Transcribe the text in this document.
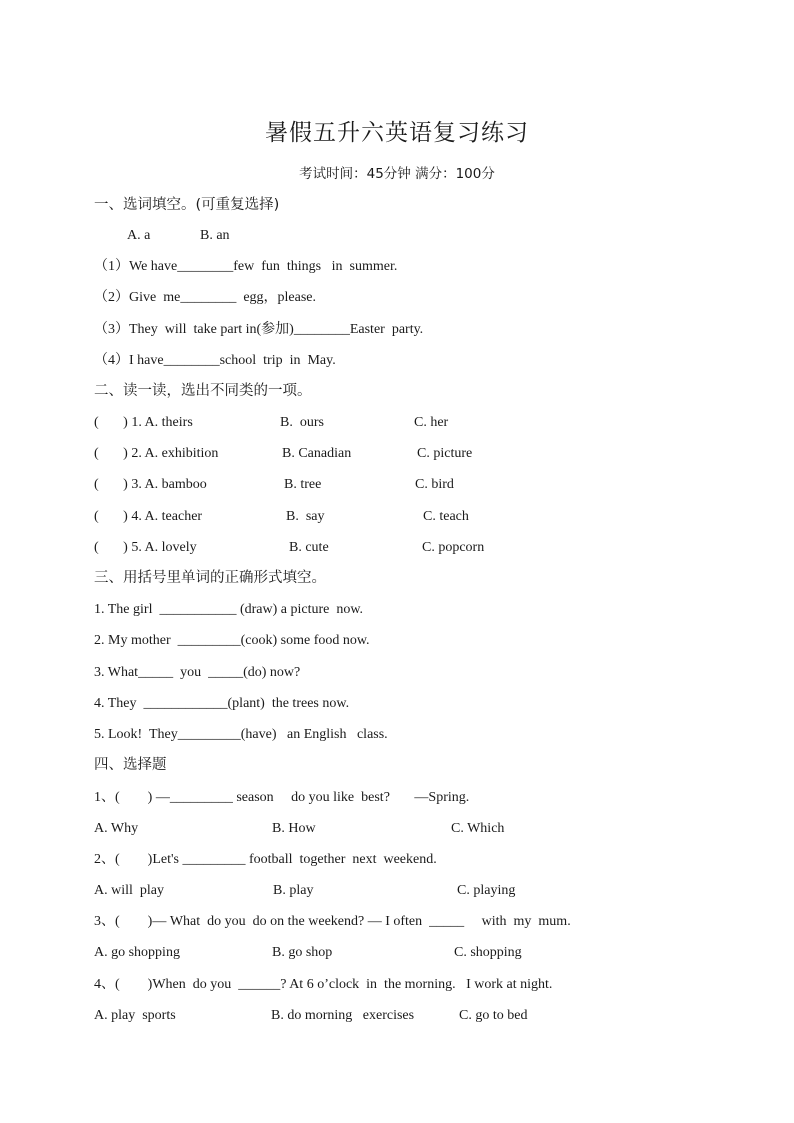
暑假五升六英语复习练习
考试时间：45分钟 满分：100分
一、选词填空。(可重复选择)
A. a	B. an
（1）We have________few  fun  things   in  summer.
（2）Give  me________  egg，please.
（3）They  will  take part in(参加)________Easter  party.
（4）I have________school  trip  in  May.
二、读一读，选出不同类的一项。
(       ) 1. A. theirs	B.  ours	C. her
(       ) 2. A. exhibition	B. Canadian	C. picture
(       ) 3. A. bamboo	B. tree	C. bird
(       ) 4. A. teacher	B.  say	C. teach
(       ) 5. A. lovely	B. cute	C. popcorn
三、用括号里单词的正确形式填空。
1. The girl  ___________ (draw) a picture  now.
2. My mother  _________(cook) some food now.
3. What_____  you  _____(do) now?
4. They  ____________(plant)  the trees now.
5. Look!  They_________(have)   an English   class.
四、选择题
1、(        ) —_________ season     do you like  best?       —Spring.
A. Why	B. How	C. Which
2、(        )Let's _________ football  together  next  weekend.
A. will  play	B. play	C. playing
3、(        )— What  do you  do on the weekend? — I often  _____     with  my  mum.
A. go shopping	B. go shop	C. shopping
4、(        )When  do you  ______? At 6 o’clock  in  the morning.   I work at night.
A. play  sports	B. do morning   exercises	C. go to bed
